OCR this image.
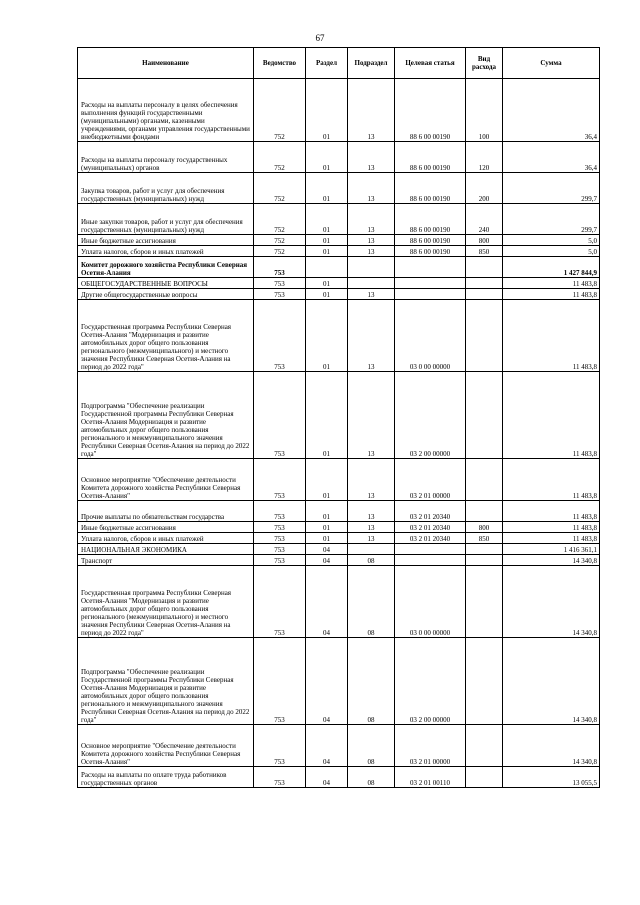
67
Наименование	Ведомство	Раздел	Подраздел	Целевая статья	Вид расхода	Сумма
Расходы на выплаты персоналу в целях обеспечения выполнения функций государственными (муниципальными) органами, казенными учреждениями, органами управления государственными внебюджетными фондами	752	01	13	88 6 00 00190	100	36,4
Расходы на выплаты персоналу государственных (муниципальных) органов	752	01	13	88 6 00 00190	120	36,4
Закупка товаров, работ и услуг для обеспечения государственных (муниципальных) нужд	752	01	13	88 6 00 00190	200	299,7
Иные закупки товаров, работ и услуг для обеспечения государственных (муниципальных) нужд	752	01	13	88 6 00 00190	240	299,7
Иные бюджетные ассигнования	752	01	13	88 6 00 00190	800	5,0
Уплата налогов, сборов и иных платежей	752	01	13	88 6 00 00190	850	5,0
Комитет дорожного хозяйства Республики Северная Осетия-Алания	753					1 427 844,9
ОБЩЕГОСУДАРСТВЕННЫЕ ВОПРОСЫ	753	01				11 483,8
Другие общегосударственные вопросы	753	01	13			11 483,8
Государственная программа Республики Северная Осетия-Алания "Модернизация и развитие автомобильных дорог общего пользования регионального (межмуниципального) и местного значения Республики Северная Осетия-Алания на период до 2022 года"	753	01	13	03 0 00 00000		11 483,8
Подпрограмма "Обеспечение реализации Государственной программы Республики Северная Осетия-Алания Модернизация и развитие автомобильных дорог общего пользования регионального и межмуниципального значения Республики Северная Осетия-Алания на период до 2022 года"	753	01	13	03 2 00 00000		11 483,8
Основное мероприятие "Обеспечение деятельности Комитета дорожного хозяйства Республики Северная Осетия-Алания"	753	01	13	03 2 01 00000		11 483,8
Прочие выплаты по обязательствам государства	753	01	13	03 2 01 20340		11 483,8
Иные бюджетные ассигнования	753	01	13	03 2 01 20340	800	11 483,8
Уплата налогов, сборов и иных платежей	753	01	13	03 2 01 20340	850	11 483,8
НАЦИОНАЛЬНАЯ ЭКОНОМИКА	753	04				1 416 361,1
Транспорт	753	04	08			14 340,8
Государственная программа Республики Северная Осетия-Алания "Модернизация и развитие автомобильных дорог общего пользования регионального (межмуниципального) и местного значения Республики Северная Осетия-Алания на период до 2022 года"	753	04	08	03 0 00 00000		14 340,8
Подпрограмма "Обеспечение реализации Государственной программы Республики Северная Осетия-Алания Модернизация и развитие автомобильных дорог общего пользования регионального и межмуниципального значения Республики Северная Осетия-Алания на период до 2022 года"	753	04	08	03 2 00 00000		14 340,8
Основное мероприятие "Обеспечение деятельности Комитета дорожного хозяйства Республики Северная Осетия-Алания"	753	04	08	03 2 01 00000		14 340,8
Расходы на выплаты по оплате труда работников государственных органов	753	04	08	03 2 01 00110		13 055,5
